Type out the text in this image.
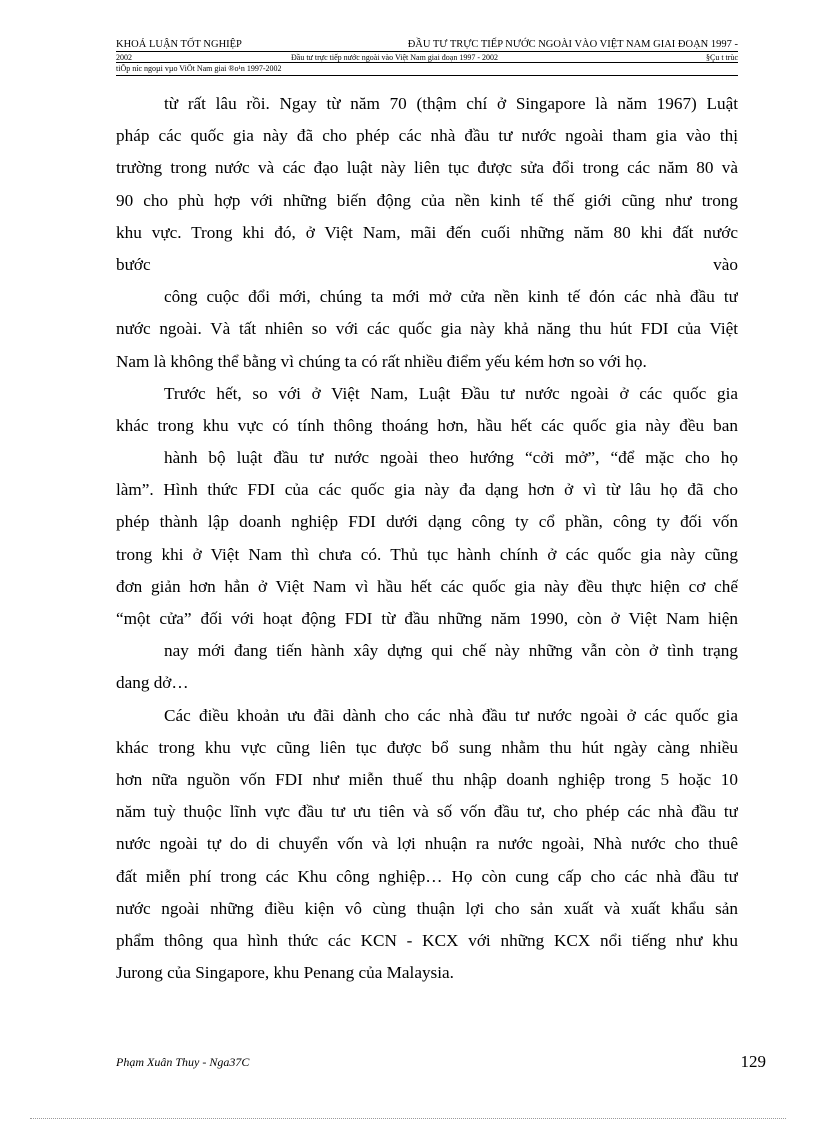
KHOÁ LUẬN TỐT NGHIỆP	ĐẦU TƯ TRỰC TIẾP NƯỚC NGOÀI VÀO VIỆT NAM GIAI ĐOẠN 1997 -
2002	Đầu tư trực tiếp nước ngoài vào Việt Nam giai đoạn 1997 - 2002	§Çu t trùc
tiÕp níc ngoµi vµo ViÖt Nam giai ®o¹n 1997-2002
từ rất lâu rồi. Ngay từ năm 70 (thậm chí ở Singapore là năm 1967) Luật
pháp các quốc gia này đã cho phép các nhà đầu tư nước ngoài tham gia vào thị
trường trong nước và các đạo luật này liên tục được sửa đổi trong các năm 80 và
90 cho phù hợp với những biến động của nền kinh tế thế giới cũng như trong
khu vực. Trong khi đó, ở Việt Nam, mãi đến cuối những năm 80 khi đất nước
bước	vào
công cuộc đổi mới, chúng ta mới mở cửa nền kinh tế đón các nhà đầu tư
nước ngoài. Và tất nhiên so với các quốc gia này khả năng thu hút FDI của Việt
Nam là không thể bằng vì chúng ta có rất nhiều điểm yếu kém hơn so với họ.
Trước hết, so với ở Việt Nam, Luật Đầu tư nước ngoài ở các quốc gia
khác trong khu vực có tính thông thoáng hơn, hầu hết các quốc gia này đều ban
hành bộ luật đầu tư nước ngoài theo hướng “cởi mở”, “để mặc cho họ
làm”. Hình thức FDI của các quốc gia này đa dạng hơn ở vì từ lâu họ đã cho
phép thành lập doanh nghiệp FDI dưới dạng công ty cổ phần, công ty đối vốn
trong khi ở Việt Nam thì chưa có. Thủ tục hành chính ở các quốc gia này cũng
đơn giản hơn hẳn ở Việt Nam vì hầu hết các quốc gia này đều thực hiện cơ chế
“một cửa” đối với hoạt động FDI từ đầu những năm 1990, còn ở Việt Nam hiện
nay mới đang tiến hành xây dựng qui chế này những vẫn còn ở tình trạng
dang dở…
Các điều khoản ưu đãi dành cho các nhà đầu tư nước ngoài ở các quốc gia
khác trong khu vực cũng liên tục được bổ sung nhằm thu hút ngày càng nhiều
hơn nữa nguồn vốn FDI như miễn thuế thu nhập doanh nghiệp trong 5 hoặc 10
năm tuỳ thuộc lĩnh vực đầu tư ưu tiên và số vốn đầu tư, cho phép các nhà đầu tư
nước ngoài tự do di chuyển vốn và lợi nhuận ra nước ngoài, Nhà nước cho thuê
đất miễn phí trong các Khu công nghiệp… Họ còn cung cấp cho các nhà đầu tư
nước ngoài những điều kiện vô cùng thuận lợi cho sản xuất và xuất khẩu sản
phẩm thông qua hình thức các KCN - KCX với những KCX nổi tiếng như khu
Jurong của Singapore, khu Penang của Malaysia.
Phạm Xuân Thuy - Nga37C	129
